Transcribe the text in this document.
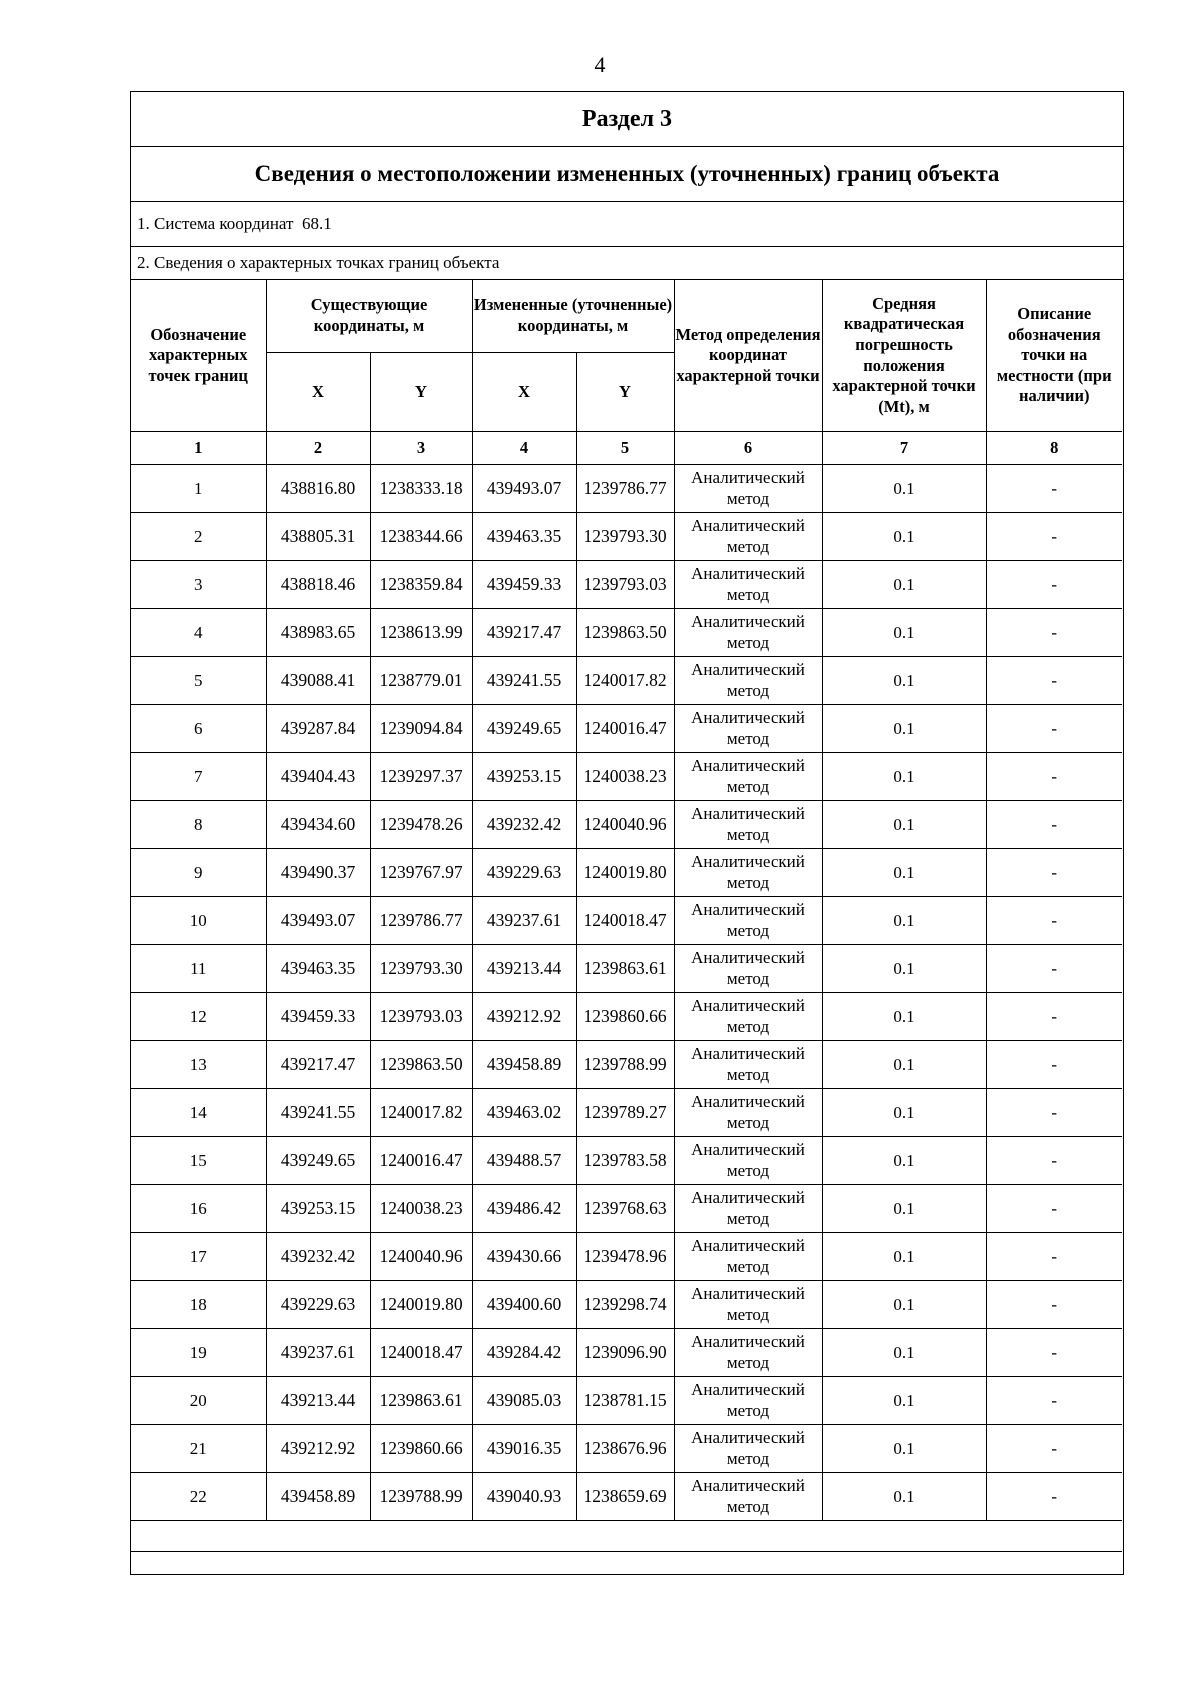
4
Раздел 3
Сведения о местоположении измененных (уточненных) границ объекта
1. Система координат 68.1
2. Сведения о характерных точках границ объекта
Обозначение характерных точек границ	Существующие координаты, м		Измененные (уточненные) координаты, м		Метод определения координат характерной точки	Средняя квадратическая погрешность положения характерной точки (Mt), м	Описание обозначения точки на местности (при наличии)
	X	Y	X	Y			
1	2	3	4	5	6	7	8
1	438816.80	1238333.18	439493.07	1239786.77	Аналитический метод	0.1	-
2	438805.31	1238344.66	439463.35	1239793.30	Аналитический метод	0.1	-
3	438818.46	1238359.84	439459.33	1239793.03	Аналитический метод	0.1	-
4	438983.65	1238613.99	439217.47	1239863.50	Аналитический метод	0.1	-
5	439088.41	1238779.01	439241.55	1240017.82	Аналитический метод	0.1	-
6	439287.84	1239094.84	439249.65	1240016.47	Аналитический метод	0.1	-
7	439404.43	1239297.37	439253.15	1240038.23	Аналитический метод	0.1	-
8	439434.60	1239478.26	439232.42	1240040.96	Аналитический метод	0.1	-
9	439490.37	1239767.97	439229.63	1240019.80	Аналитический метод	0.1	-
10	439493.07	1239786.77	439237.61	1240018.47	Аналитический метод	0.1	-
11	439463.35	1239793.30	439213.44	1239863.61	Аналитический метод	0.1	-
12	439459.33	1239793.03	439212.92	1239860.66	Аналитический метод	0.1	-
13	439217.47	1239863.50	439458.89	1239788.99	Аналитический метод	0.1	-
14	439241.55	1240017.82	439463.02	1239789.27	Аналитический метод	0.1	-
15	439249.65	1240016.47	439488.57	1239783.58	Аналитический метод	0.1	-
16	439253.15	1240038.23	439486.42	1239768.63	Аналитический метод	0.1	-
17	439232.42	1240040.96	439430.66	1239478.96	Аналитический метод	0.1	-
18	439229.63	1240019.80	439400.60	1239298.74	Аналитический метод	0.1	-
19	439237.61	1240018.47	439284.42	1239096.90	Аналитический метод	0.1	-
20	439213.44	1239863.61	439085.03	1238781.15	Аналитический метод	0.1	-
21	439212.92	1239860.66	439016.35	1238676.96	Аналитический метод	0.1	-
22	439458.89	1239788.99	439040.93	1238659.69	Аналитический метод	0.1	-
